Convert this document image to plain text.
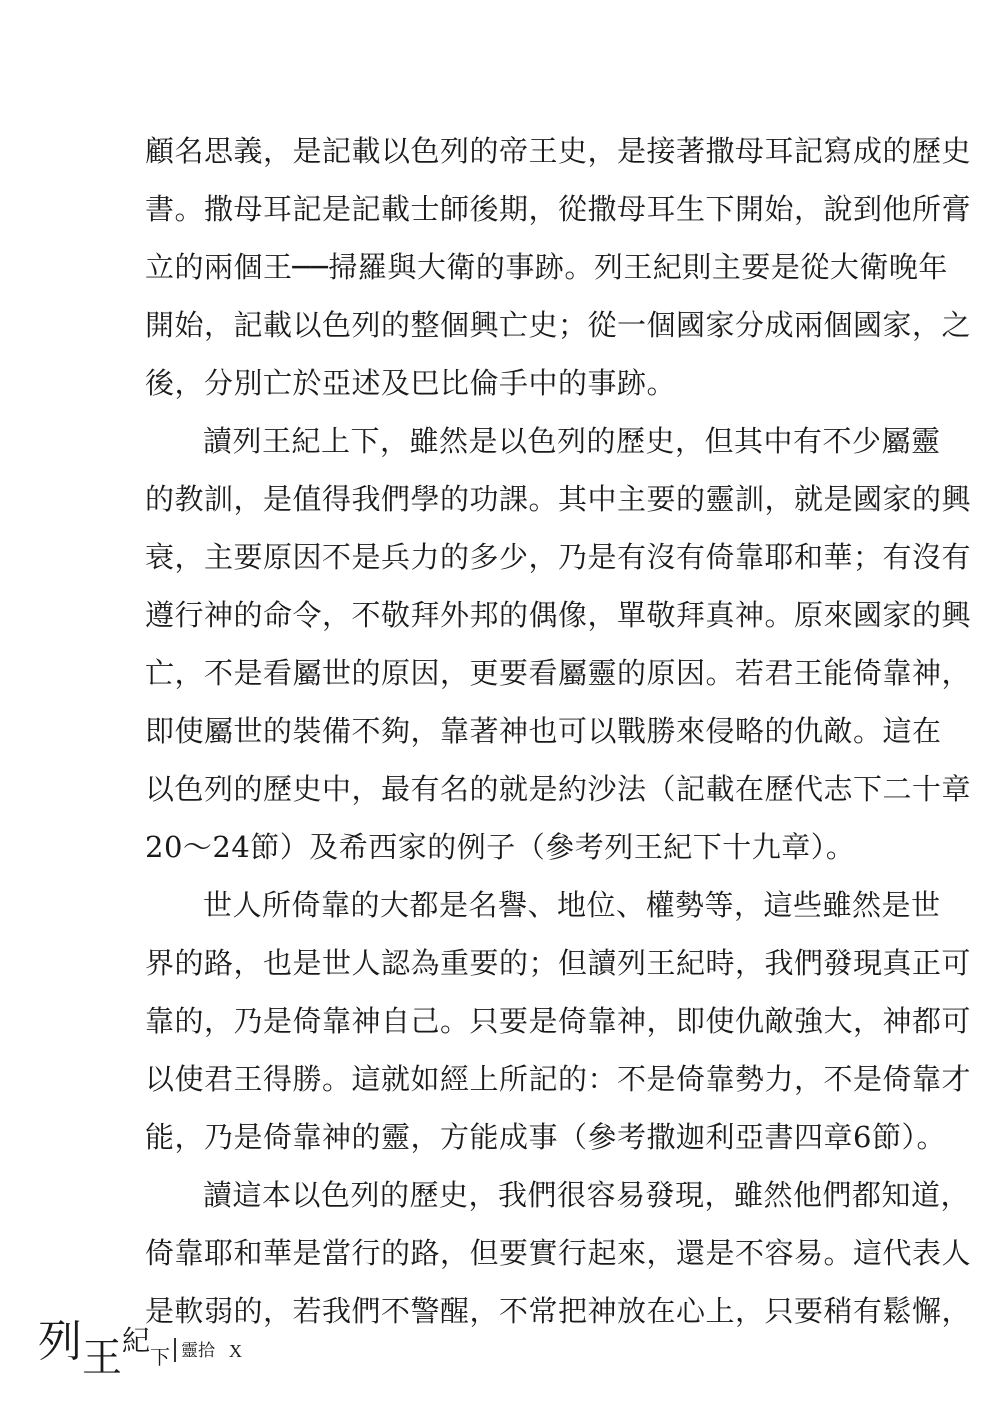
顧名思義，是記載以色列的帝王史，是接著撒母耳記寫成的歷史
書。撒母耳記是記載士師後期，從撒母耳生下開始，說到他所膏
立的兩個王──掃羅與大衛的事跡。列王紀則主要是從大衛晚年
開始，記載以色列的整個興亡史；從一個國家分成兩個國家，之
後，分別亡於亞述及巴比倫手中的事跡。
讀列王紀上下，雖然是以色列的歷史，但其中有不少屬靈
的教訓，是值得我們學的功課。其中主要的靈訓，就是國家的興
衰，主要原因不是兵力的多少，乃是有沒有倚靠耶和華；有沒有
遵行神的命令，不敬拜外邦的偶像，單敬拜真神。原來國家的興
亡，不是看屬世的原因，更要看屬靈的原因。若君王能倚靠神，
即使屬世的裝備不夠，靠著神也可以戰勝來侵略的仇敵。這在
以色列的歷史中，最有名的就是約沙法（記載在歷代志下二十章
20～24節）及希西家的例子（參考列王紀下十九章）。
世人所倚靠的大都是名譽、地位、權勢等，這些雖然是世
界的路，也是世人認為重要的；但讀列王紀時，我們發現真正可
靠的，乃是倚靠神自己。只要是倚靠神，即使仇敵強大，神都可
以使君王得勝。這就如經上所記的：不是倚靠勢力，不是倚靠才
能，乃是倚靠神的靈，方能成事（參考撒迦利亞書四章6節）。
讀這本以色列的歷史，我們很容易發現，雖然他們都知道，
倚靠耶和華是當行的路，但要實行起來，還是不容易。這代表人
是軟弱的，若我們不警醒，不常把神放在心上，只要稍有鬆懈，
列王紀下 靈拾 X
